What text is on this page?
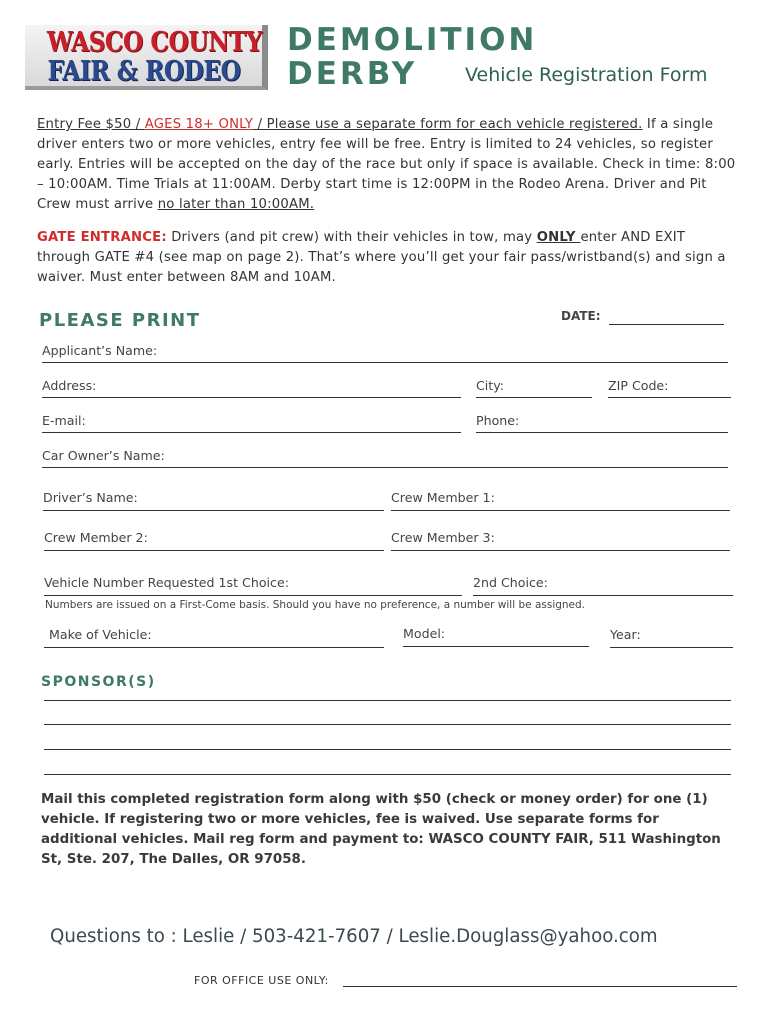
WASCO COUNTY
FAIR & RODEO
DEMOLITION
DERBY	Vehicle Registration Form
Entry Fee $50 / AGES 18+ ONLY / Please use a separate form for each vehicle registered. If a single driver enters two or more vehicles, entry fee will be free. Entry is limited to 24 vehicles, so register early. Entries will be accepted on the day of the race but only if space is available. Check in time: 8:00 – 10:00AM. Time Trials at 11:00AM. Derby start time is 12:00PM in the Rodeo Arena. Driver and Pit Crew must arrive no later than 10:00AM.
GATE ENTRANCE: Drivers (and pit crew) with their vehicles in tow, may ONLY enter AND EXIT through GATE #4 (see map on page 2). That’s where you’ll get your fair pass/wristband(s) and sign a waiver. Must enter between 8AM and 10AM.
PLEASE PRINT	DATE:
Applicant’s Name:
Address:	City:	ZIP Code:
E-mail:	Phone:
Car Owner’s Name:
Driver’s Name:	Crew Member 1:
Crew Member 2:	Crew Member 3:
Vehicle Number Requested 1st Choice:	2nd Choice:
Numbers are issued on a First-Come basis. Should you have no preference, a number will be assigned.
Make of Vehicle:	Model:	Year:
SPONSOR(S)
Mail this completed registration form along with $50 (check or money order) for one (1) vehicle. If registering two or more vehicles, fee is waived. Use separate forms for additional vehicles. Mail reg form and payment to: WASCO COUNTY FAIR, 511 Washington St, Ste. 207, The Dalles, OR 97058.
Questions to : Leslie / 503-421-7607 / Leslie.Douglass@yahoo.com
FOR OFFICE USE ONLY:
